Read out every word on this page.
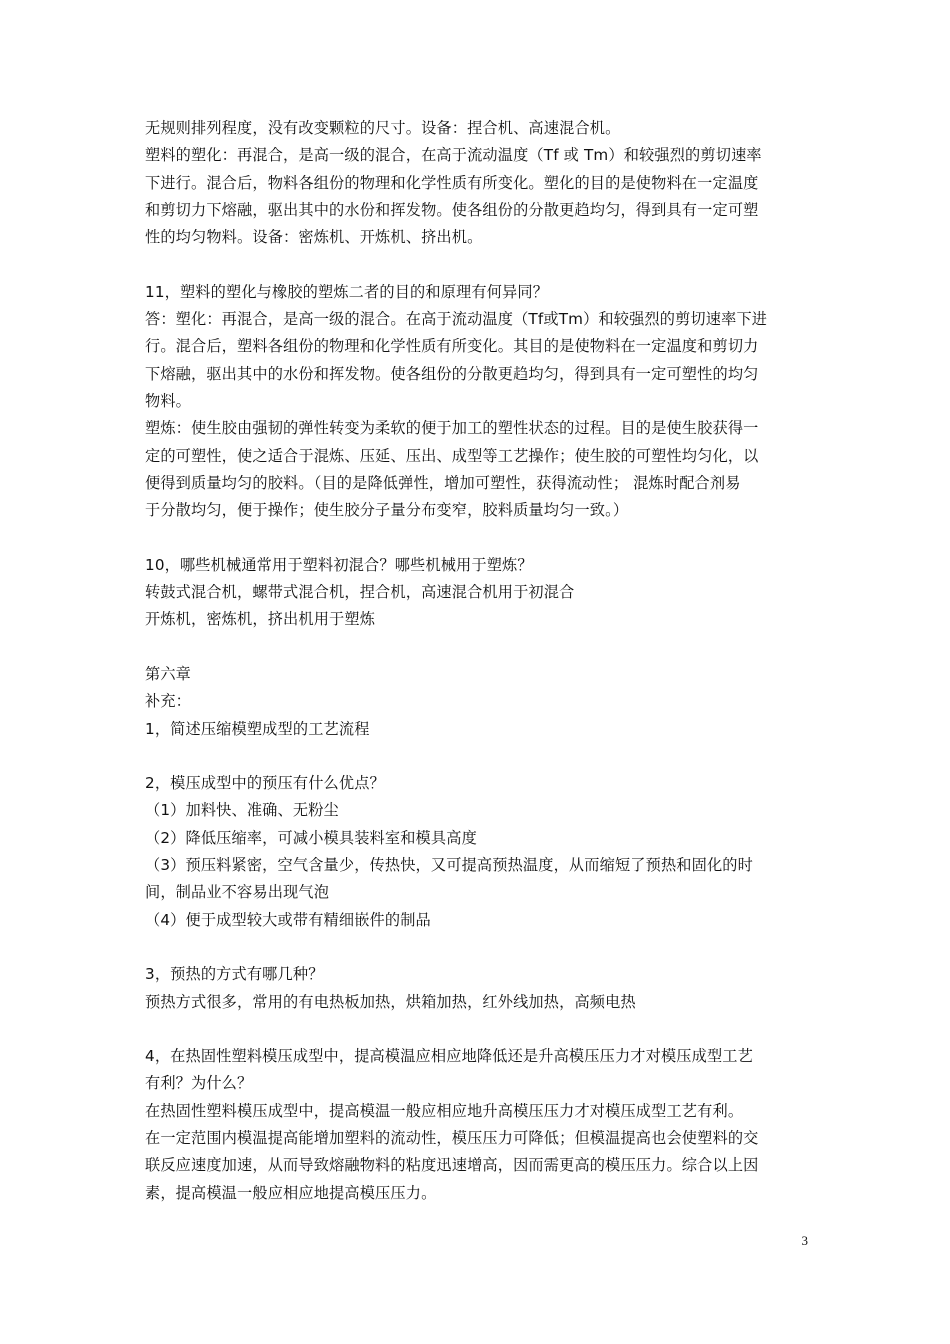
无规则排列程度，没有改变颗粒的尺寸。设备：捏合机、高速混合机。
塑料的塑化：再混合，是高一级的混合，在高于流动温度（Tf 或 Tm）和较强烈的剪切速率
下进行。混合后，物料各组份的物理和化学性质有所变化。塑化的目的是使物料在一定温度
和剪切力下熔融，驱出其中的水份和挥发物。使各组份的分散更趋均匀，得到具有一定可塑
性的均匀物料。设备：密炼机、开炼机、挤出机。
11，塑料的塑化与橡胶的塑炼二者的目的和原理有何异同？
答：塑化：再混合，是高一级的混合。在高于流动温度（Tf或Tm）和较强烈的剪切速率下进
行。混合后，塑料各组份的物理和化学性质有所变化。其目的是使物料在一定温度和剪切力
下熔融，驱出其中的水份和挥发物。使各组份的分散更趋均匀，得到具有一定可塑性的均匀
物料。
塑炼：使生胶由强韧的弹性转变为柔软的便于加工的塑性状态的过程。目的是使生胶获得一
定的可塑性，使之适合于混炼、压延、压出、成型等工艺操作；使生胶的可塑性均匀化，以
便得到质量均匀的胶料。（目的是降低弹性，增加可塑性，获得流动性； 混炼时配合剂易
于分散均匀，便于操作；使生胶分子量分布变窄，胶料质量均匀一致。）
10，哪些机械通常用于塑料初混合？哪些机械用于塑炼？
转鼓式混合机，螺带式混合机，捏合机，高速混合机用于初混合
开炼机，密炼机，挤出机用于塑炼
第六章
补充：
1，简述压缩模塑成型的工艺流程
2，模压成型中的预压有什么优点？
（1）加料快、准确、无粉尘
（2）降低压缩率，可减小模具装料室和模具高度
（3）预压料紧密，空气含量少，传热快，又可提高预热温度，从而缩短了预热和固化的时
间，制品业不容易出现气泡
（4）便于成型较大或带有精细嵌件的制品
3，预热的方式有哪几种？
预热方式很多，常用的有电热板加热，烘箱加热，红外线加热，高频电热
4，在热固性塑料模压成型中，提高模温应相应地降低还是升高模压压力才对模压成型工艺
有利？为什么？
在热固性塑料模压成型中，提高模温一般应相应地升高模压压力才对模压成型工艺有利。
在一定范围内模温提高能增加塑料的流动性，模压压力可降低；但模温提高也会使塑料的交
联反应速度加速，从而导致熔融物料的粘度迅速增高，因而需更高的模压压力。综合以上因
素，提高模温一般应相应地提高模压压力。
3
